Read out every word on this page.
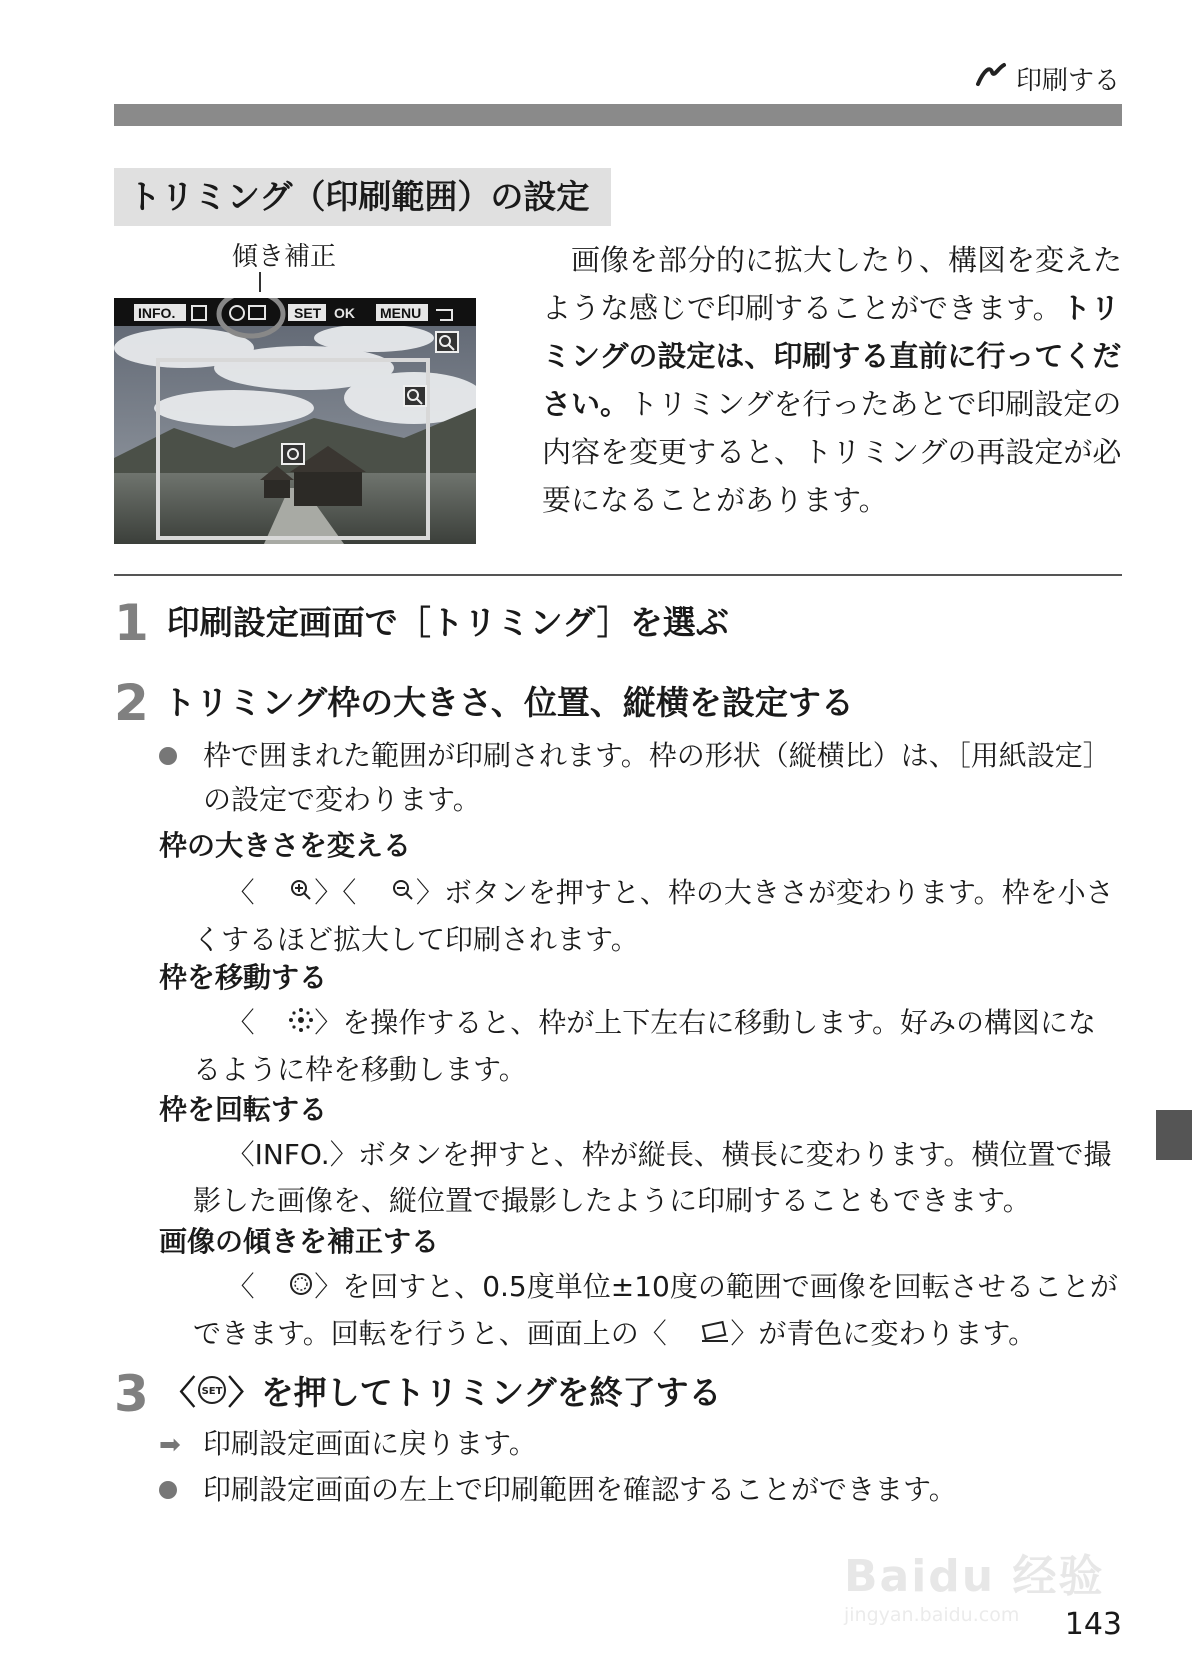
印刷する
トリミング（印刷範囲）の設定
傾き補正
INFO.	SET OK MENU
画像を部分的に拡大したり、構図を変えたような感じで印刷することができます。トリミングの設定は、印刷する直前に行ってください。トリミングを行ったあとで印刷設定の内容を変更すると、トリミングの再設定が必要になることがあります。
1 印刷設定画面で［トリミング］を選ぶ
2 トリミング枠の大きさ、位置、縦横を設定する
枠で囲まれた範囲が印刷されます。枠の形状（縦横比）は、［用紙設定］の設定で変わります。
枠の大きさを変える
〈 〉〈 〉ボタンを押すと、枠の大きさが変わります。枠を小さくするほど拡大して印刷されます。
枠を移動する
〈 〉を操作すると、枠が上下左右に移動します。好みの構図になるように枠を移動します。
枠を回転する
〈INFO.〉ボタンを押すと、枠が縦長、横長に変わります。横位置で撮影した画像を、縦位置で撮影したように印刷することもできます。
画像の傾きを補正する
〈 〉を回すと、0.5度単位±10度の範囲で画像を回転させることができます。回転を行うと、画面上の〈 〉が青色に変わります。
3 〈 SET 〉を押してトリミングを終了する
➡ 印刷設定画面に戻ります。
印刷設定画面の左上で印刷範囲を確認することができます。
Baidu 经验
jingyan.baidu.com	143
